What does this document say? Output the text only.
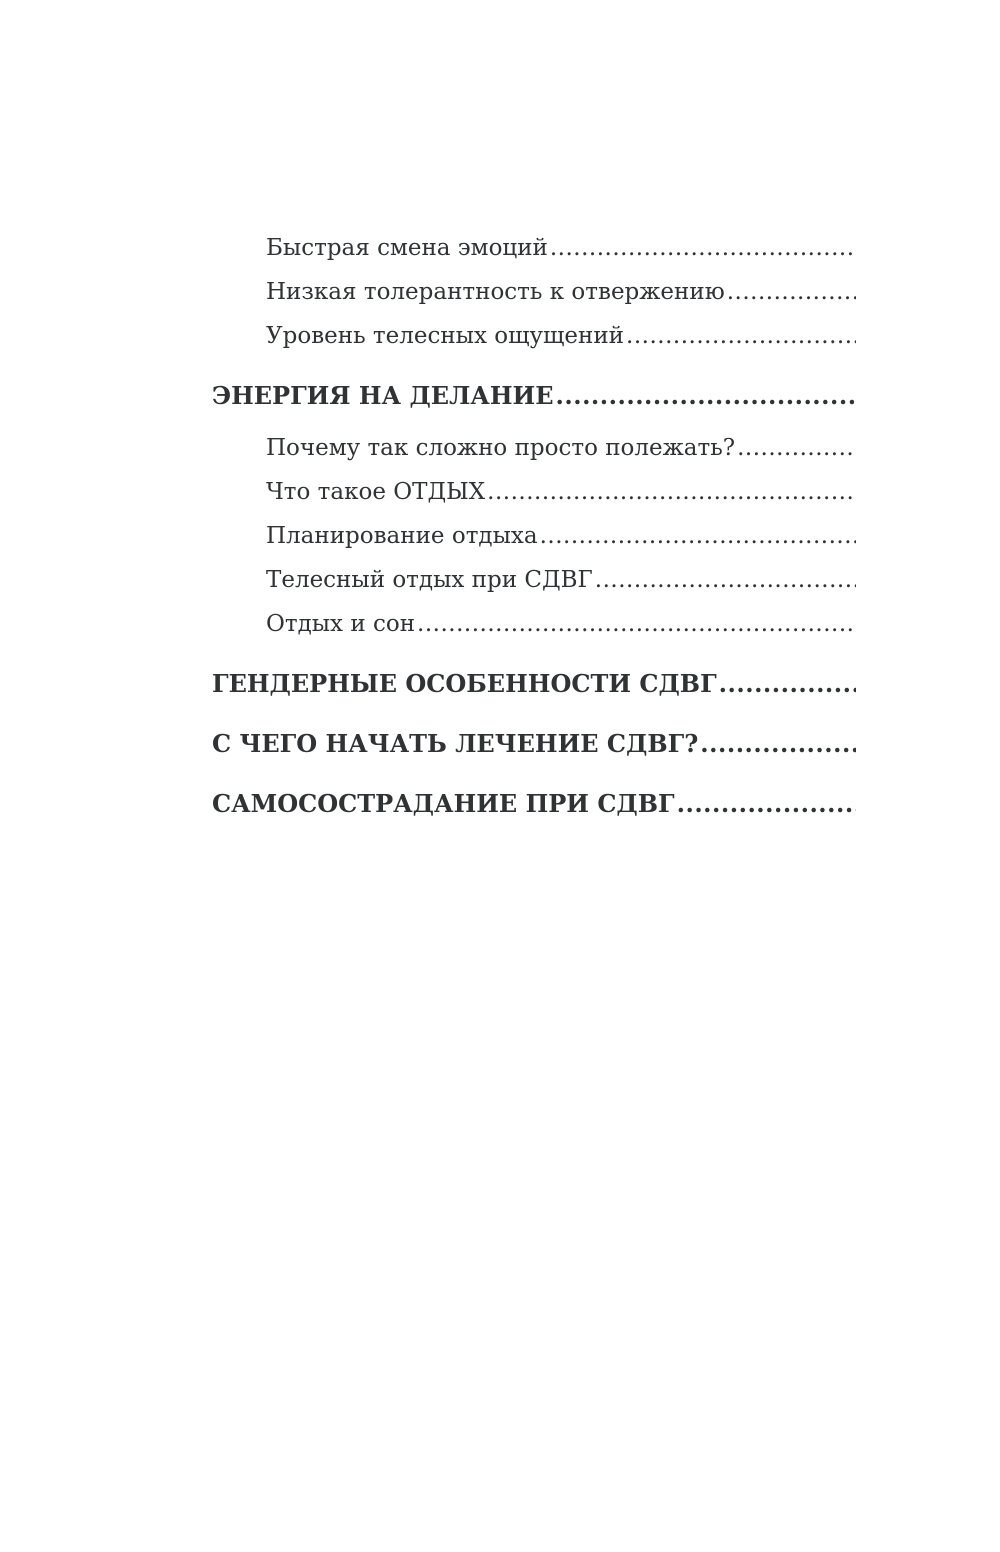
Быстрая смена эмоций
.....
Низкая толерантность к отвержению
.....
Уровень телесных ощущений
.....
ЭНЕРГИЯ НА ДЕЛАНИЕ
.....
Почему так сложно просто полежать?
.....
Что такое ОТДЫХ
.....
Планирование отдыха
.....
Телесный отдых при СДВГ
.....
Отдых и сон
.....
ГЕНДЕРНЫЕ ОСОБЕННОСТИ СДВГ
.....
С ЧЕГО НАЧАТЬ ЛЕЧЕНИЕ СДВГ?
.....
САМОСОСТРАДАНИЕ ПРИ СДВГ
.....
